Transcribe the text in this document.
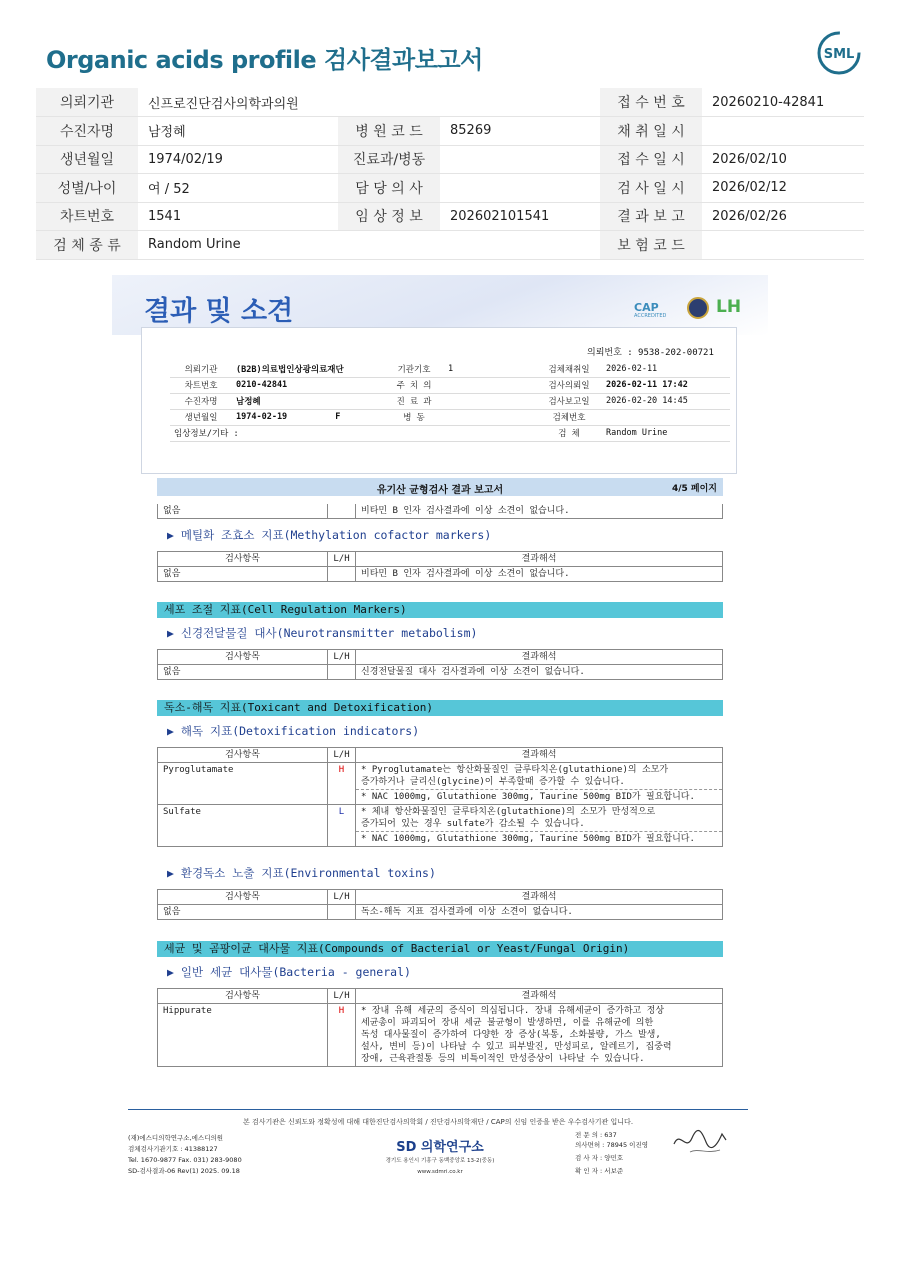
Organic acids profile 검사결과보고서	SML
의뢰기관	신프로진단검사의학과의원			접 수 번 호	20260210-42841
수진자명	남정혜	병 원 코 드	85269	채 취 일 시	
생년월일	1974/02/19	진료과/병동		접 수 일 시	2026/02/10
성별/나이	여 / 52	담 당 의 사		검 사 일 시	2026/02/12
차트번호	1541	임 상 정 보	202602101541	결 과 보 고	2026/02/26
검 체 종 류	Random Urine			보 험 코 드	
결과 및 소견	CAP
ACCREDITED	LH
의뢰번호 : 9538-202-00721
의뢰기관	(B2B)의료법인상광의료재단	기관기호	1	검체채취일	2026-02-11
차트번호	0210-42841	주 치 의		검사의뢰일	2026-02-11 17:42
수진자명	남정혜	진 료 과		검사보고일	2026-02-20 14:45
생년월일	1974-02-19 F	병 동		검체번호	
임상정보/기타 :				검 체	Random Urine
유기산 균형검사 결과 보고서	4/5 페이지
없음		비타민 B 인자 검사결과에 이상 소견이 없습니다.
▶ 메틸화 조효소 지표(Methylation cofactor markers)
검사항목	L/H	결과해석
없음		비타민 B 인자 검사결과에 이상 소견이 없습니다.
세포 조절 지표(Cell Regulation Markers)
▶ 신경전달물질 대사(Neurotransmitter metabolism)
검사항목	L/H	결과해석
없음		신경전달물질 대사 검사결과에 이상 소견이 없습니다.
독소-해독 지표(Toxicant and Detoxification)
▶ 해독 지표(Detoxification indicators)
검사항목	L/H	결과해석
Pyroglutamate	H	* Pyroglutamate는 항산화물질인 글루타치온(glutathione)의 소모가
증가하거나 글리신(glycine)이 부족할때 증가할 수 있습니다.

		* NAC 1000mg, Glutathione 300mg, Taurine 500mg BID가 필요합니다.
Sulfate	L	* 체내 항산화물질인 글루타치온(glutathione)의 소모가 만성적으로
증가되어 있는 경우 sulfate가 감소될 수 있습니다.

		* NAC 1000mg, Glutathione 300mg, Taurine 500mg BID가 필요합니다.
▶ 환경독소 노출 지표(Environmental toxins)
검사항목	L/H	결과해석
없음		독소-해독 지표 검사결과에 이상 소견이 없습니다.
세균 및 곰팡이균 대사물 지표(Compounds of Bacterial or Yeast/Fungal Origin)
▶ 일반 세균 대사물(Bacteria - general)
검사항목	L/H	결과해석
Hippurate	H	* 장내 유해 세균의 증식이 의심됩니다. 장내 유해세균이 증가하고 정상
세균총이 파괴되어 장내 세균 불균형이 발생하면, 이를 유해균에 의한
독성 대사물질이 증가하여 다양한 장 증상(복통, 소화불량, 가스 발생,
설사, 변비 등)이 나타날 수 있고 피부발진, 만성피로, 알레르기, 집중력
장애, 근육관절통 등의 비특이적인 만성증상이 나타날 수 있습니다.
본 검사기관은 신뢰도와 정확성에 대해 대한진단검사의학회 / 진단검사의학재단 / CAP의 신임 인증을 받은 우수검사기관 입니다.
(재)에스디의학연구소,에스디의원
검체검사기관기호 : 41388127
Tel. 1670-9877 Fax. 031) 283-9080
SD-검사결과-06 Rev(1) 2025. 09.18
SD 의학연구소
경기도 용인시 기흥구 동백중앙로 13-2(중동)
www.sdmri.co.kr
전 문 의 : 637
의사면허 : 78945 이진영
검 사 자 : 양민호
확 인 자 : 서보준
